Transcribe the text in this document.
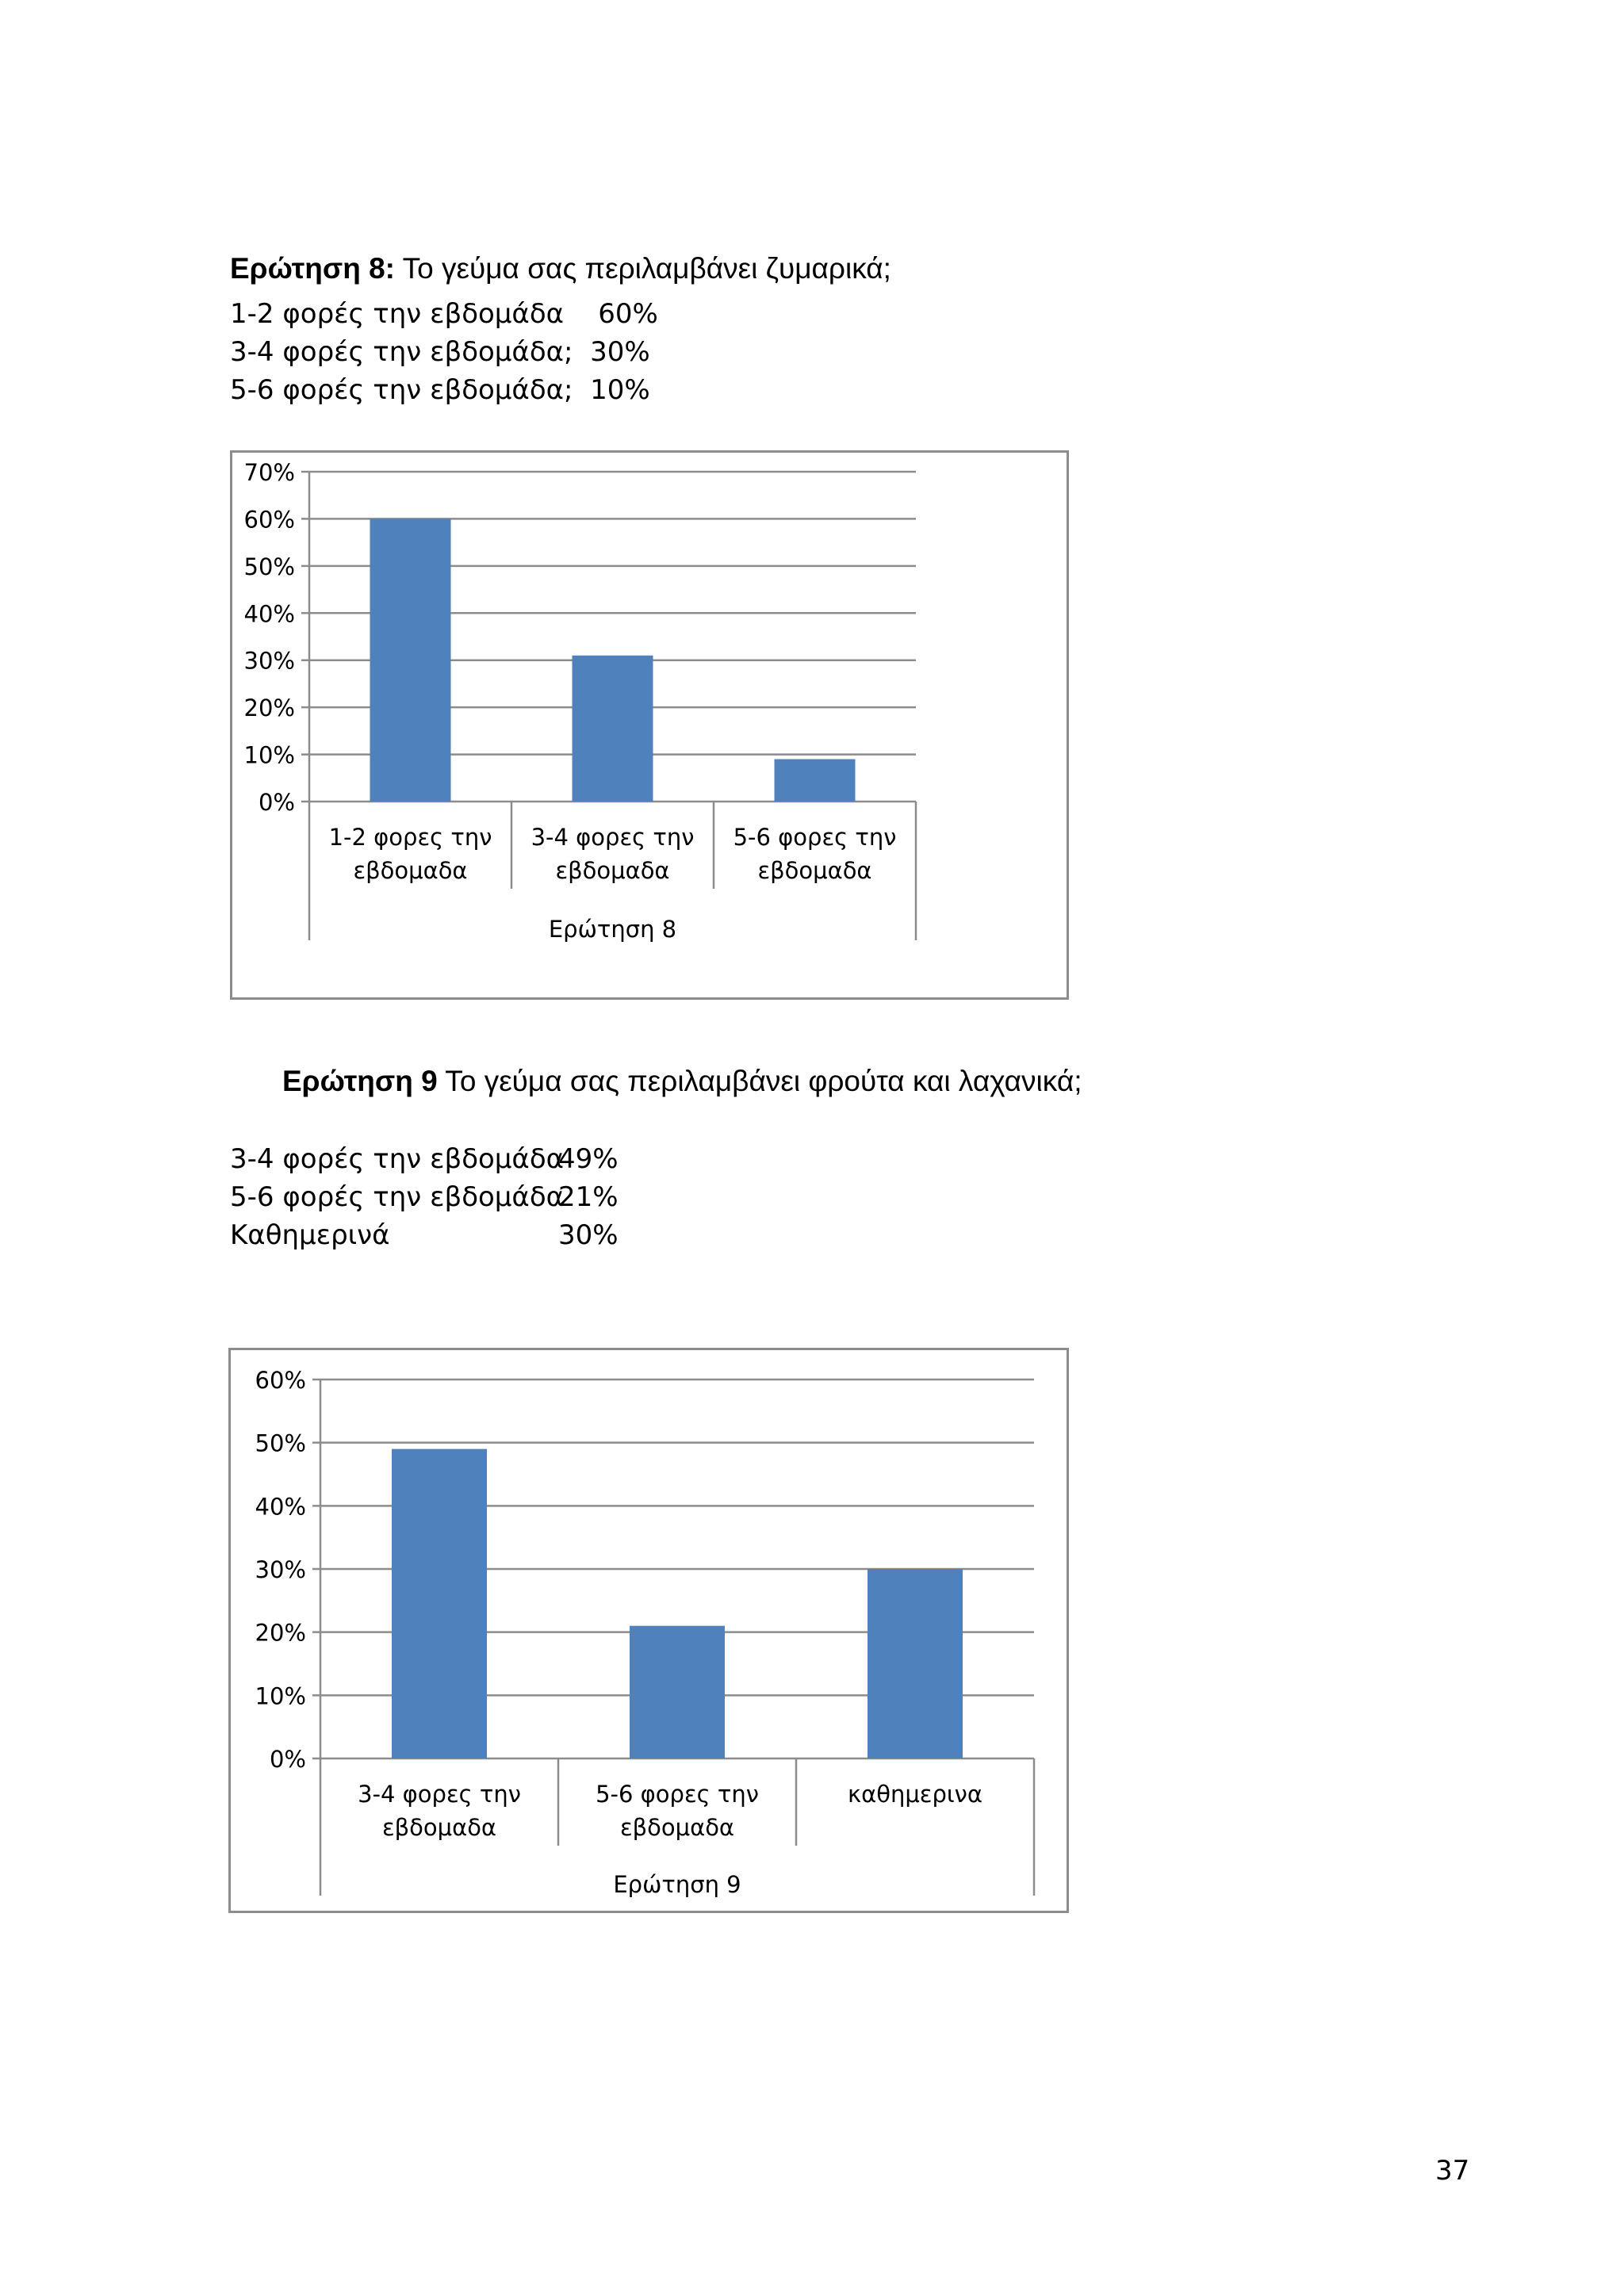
Ερώτηση 8: Το γεύμα σας περιλαμβάνει ζυμαρικά;
1-2 φορές την εβδομάδα    60%
3-4 φορές την εβδομάδα;  30%
5-6 φορές την εβδομάδα;  10%
0%
10%
20%
30%
40%
50%
60%
70%
1-2 φορες την
εβδομαδα
3-4 φορες την
εβδομαδα
5-6 φορες την
εβδομαδα
Ερώτηση 8
Ερώτηση 9 Το γεύμα σας περιλαμβάνει φρούτα και λαχανικά;
3-4 φορές την εβδομάδα
49%
5-6 φορές την εβδομάδα
21%
Καθημερινά	30%
0%
10%
20%
30%
40%
50%
60%
3-4 φορες την
εβδομαδα
5-6 φορες την
εβδομαδα
καθημερινα
Ερώτηση 9
37
